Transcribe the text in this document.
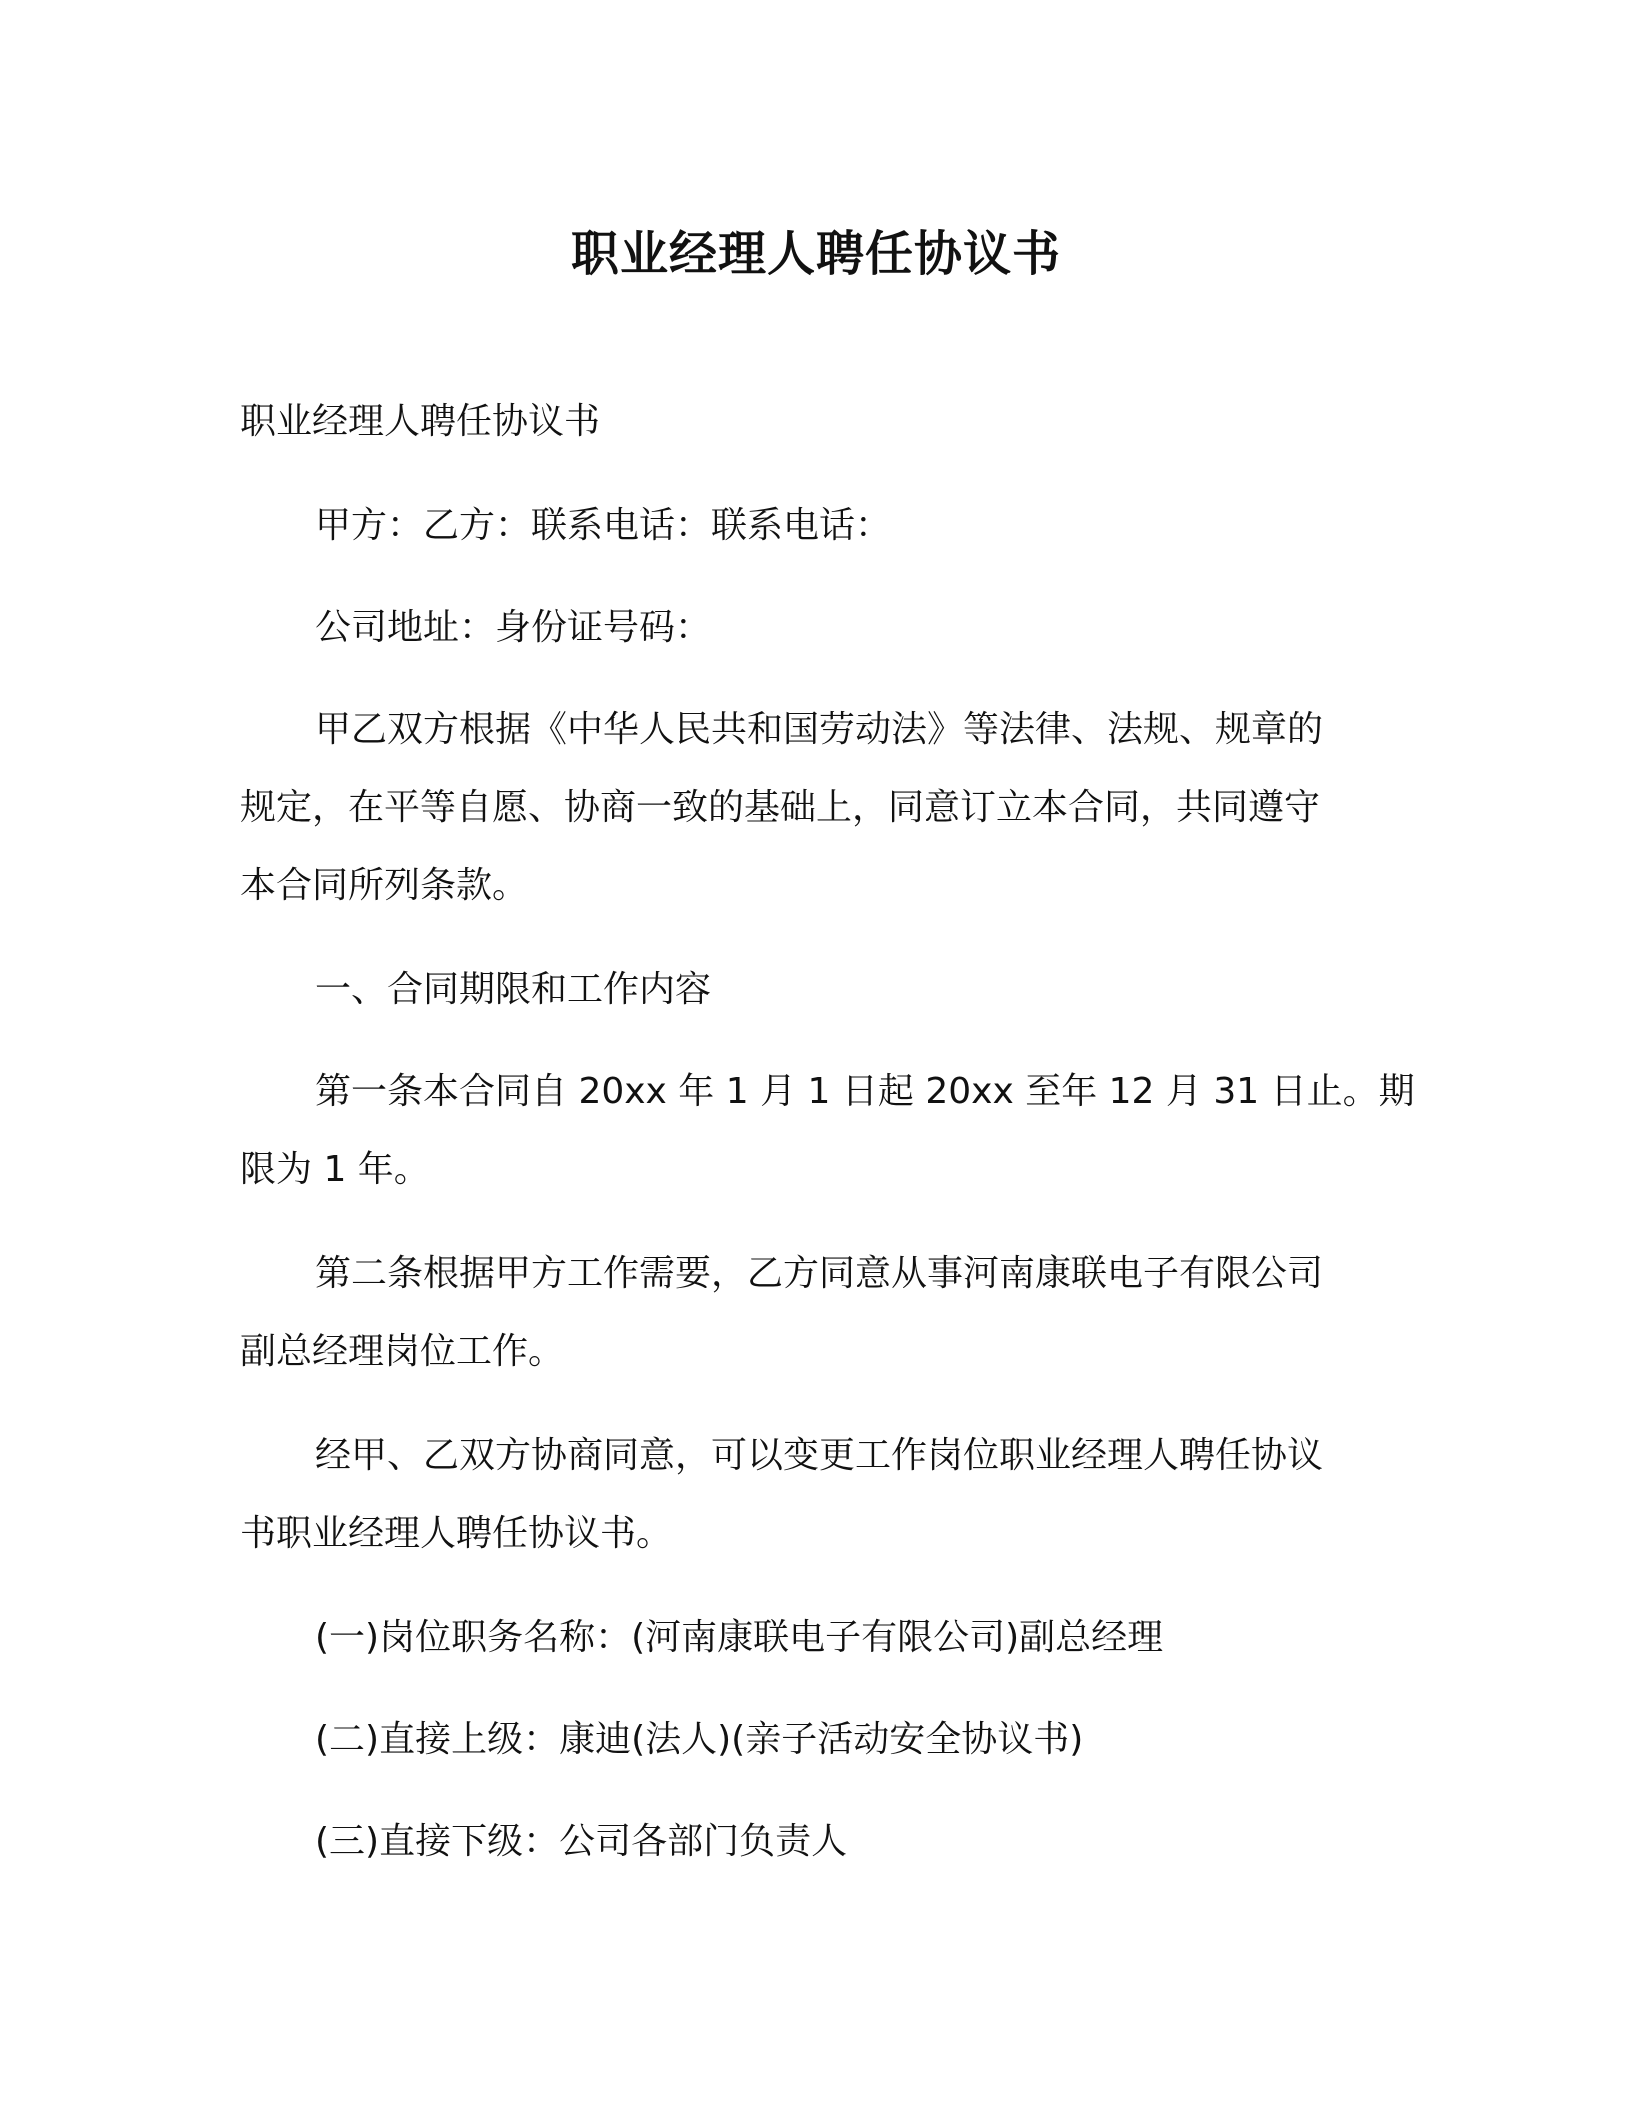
职业经理人聘任协议书
职业经理人聘任协议书
甲方：乙方：联系电话：联系电话：
公司地址：身份证号码：
甲乙双方根据《中华人民共和国劳动法》等法律、法规、规章的
规定，在平等自愿、协商一致的基础上，同意订立本合同，共同遵守
本合同所列条款。
一、合同期限和工作内容
第一条本合同自 20xx 年 1 月 1 日起 20xx 至年 12 月 31 日止。期
限为 1 年。
第二条根据甲方工作需要，乙方同意从事河南康联电子有限公司
副总经理岗位工作。
经甲、乙双方协商同意，可以变更工作岗位职业经理人聘任协议
书职业经理人聘任协议书。
(一)岗位职务名称：(河南康联电子有限公司)副总经理
(二)直接上级：康迪(法人)(亲子活动安全协议书)
(三)直接下级：公司各部门负责人
